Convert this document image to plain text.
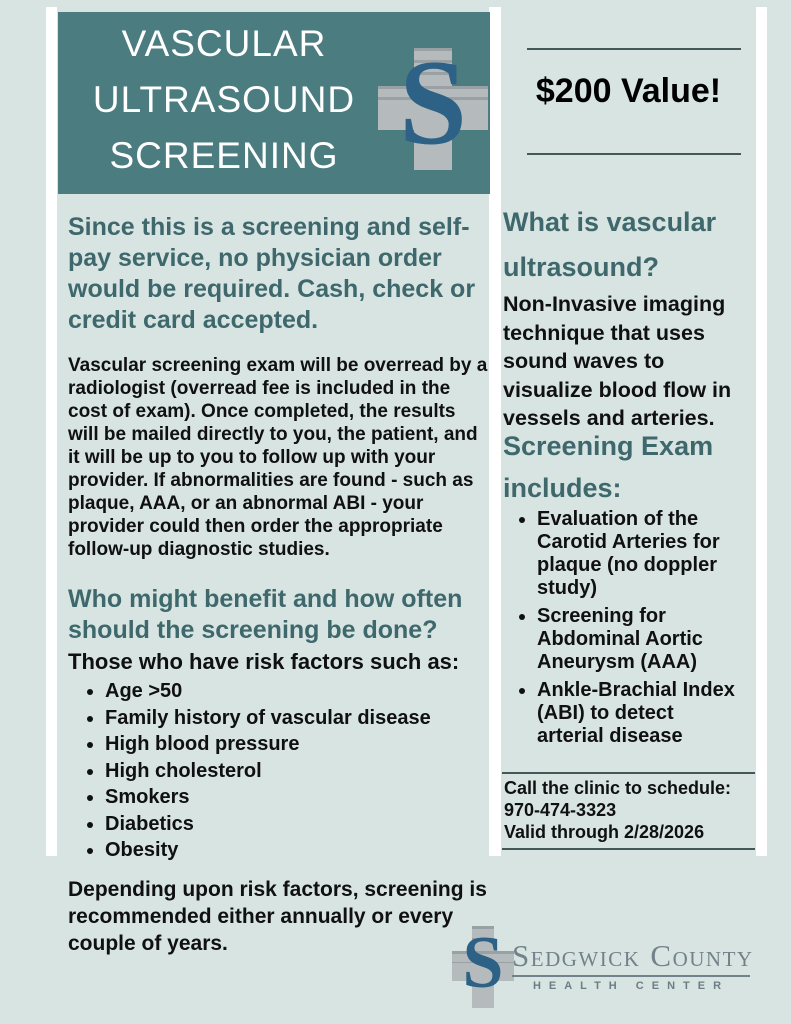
VASCULAR
ULTRASOUND
SCREENING S
Since this is a screening and self-pay service, no physician order would be required. Cash, check or credit card accepted.
Vascular screening exam will be overread by a radiologist (overread fee is included in the cost of exam). Once completed, the results will be mailed directly to you, the patient, and it will be up to you to follow up with your provider. If abnormalities are found - such as plaque, AAA, or an abnormal ABI - your provider could then order the appropriate follow-up diagnostic studies.
Who might benefit and how often should the screening be done?
Those who have risk factors such as:
• Age >50
• Family history of vascular disease
• High blood pressure
• High cholesterol
• Smokers
• Diabetics
• Obesity
Depending upon risk factors, screening is recommended either annually or every couple of years.
$200 Value!
What is vascular ultrasound?
Non-Invasive imaging technique that uses sound waves to visualize blood flow in vessels and arteries.
Screening Exam includes:
• Evaluation of the Carotid Arteries for plaque (no doppler study)
• Screening for Abdominal Aortic Aneurysm (AAA)
• Ankle-Brachial Index (ABI) to detect arterial disease
Call the clinic to schedule:
970-474-3323
Valid through 2/28/2026
S SEDGWICK COUNTY
HEALTH CENTER
